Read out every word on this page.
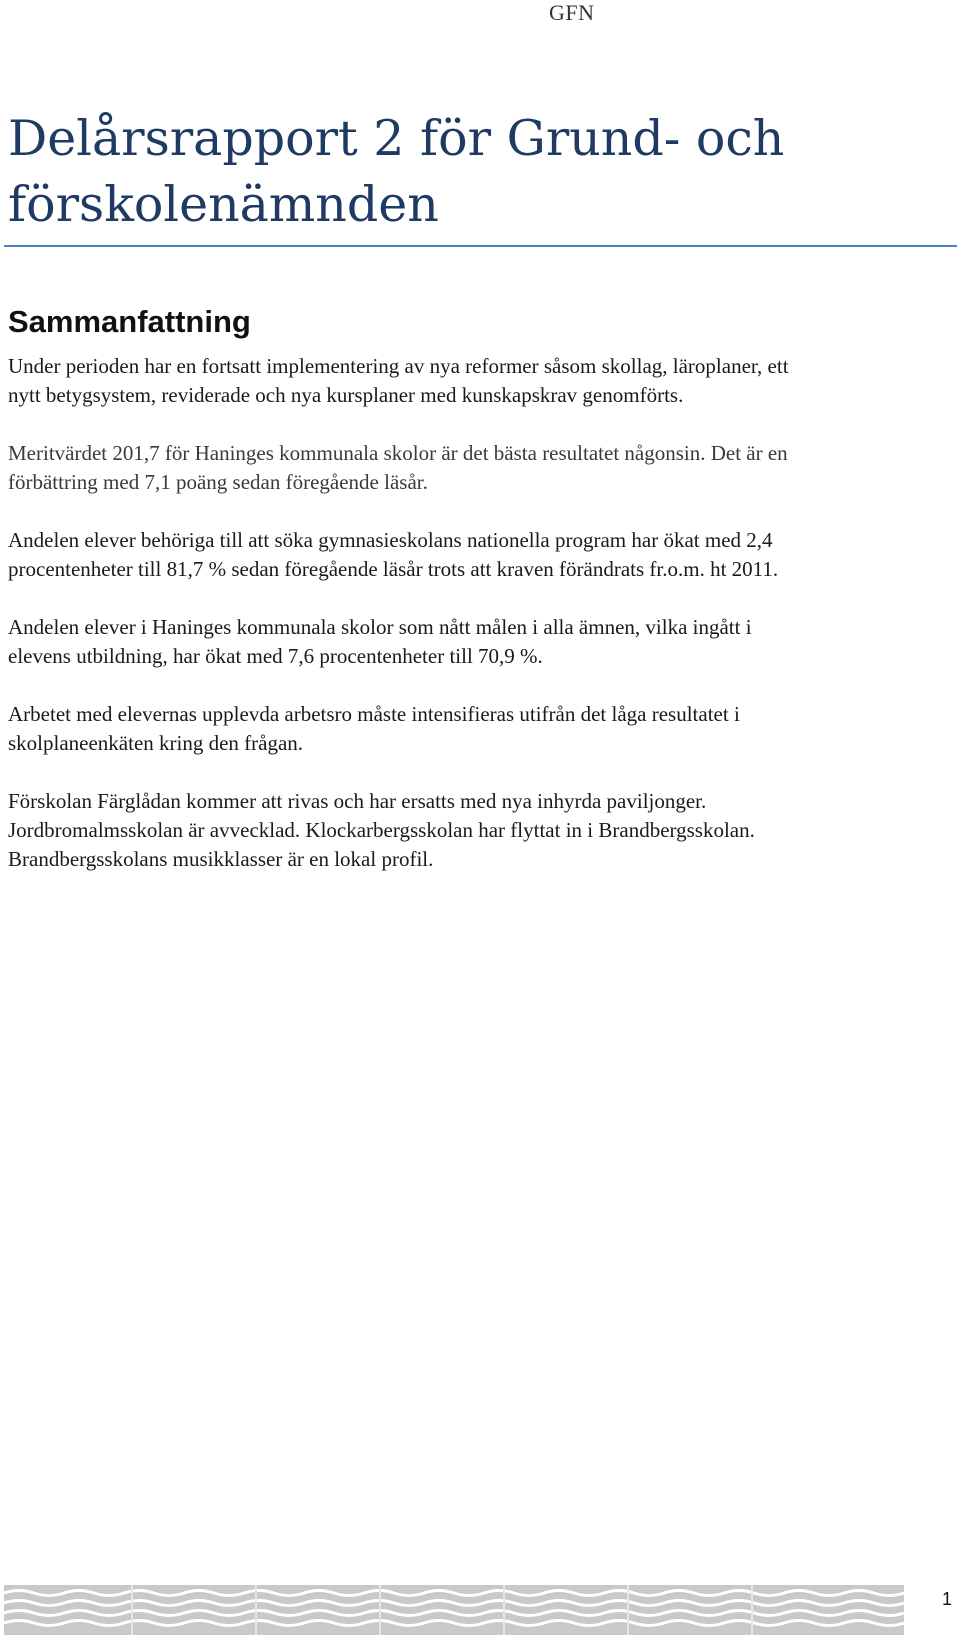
GFN
Delårsrapport 2 för Grund- och
förskolenämnden
Sammanfattning

Under perioden har en fortsatt implementering av nya reformer såsom skollag, läroplaner, ett
nytt betygsystem, reviderade och nya kursplaner med kunskapskrav genomförts.

Meritvärdet 201,7 för Haninges kommunala skolor är det bästa resultatet någonsin. Det är en
förbättring med 7,1 poäng sedan föregående läsår.

Andelen elever behöriga till att söka gymnasieskolans nationella program har ökat med 2,4
procentenheter till 81,7 % sedan föregående läsår trots att kraven förändrats fr.o.m. ht 2011.

Andelen elever i Haninges kommunala skolor som nått målen i alla ämnen, vilka ingått i
elevens utbildning, har ökat med 7,6 procentenheter till 70,9 %.

Arbetet med elevernas upplevda arbetsro måste intensifieras utifrån det låga resultatet i
skolplaneenkäten kring den frågan.

Förskolan Färglådan kommer att rivas och har ersatts med nya inhyrda paviljonger.
Jordbromalmsskolan är avvecklad. Klockarbergsskolan har flyttat in i Brandbergsskolan.
Brandbergsskolans musikklasser är en lokal profil.

1
